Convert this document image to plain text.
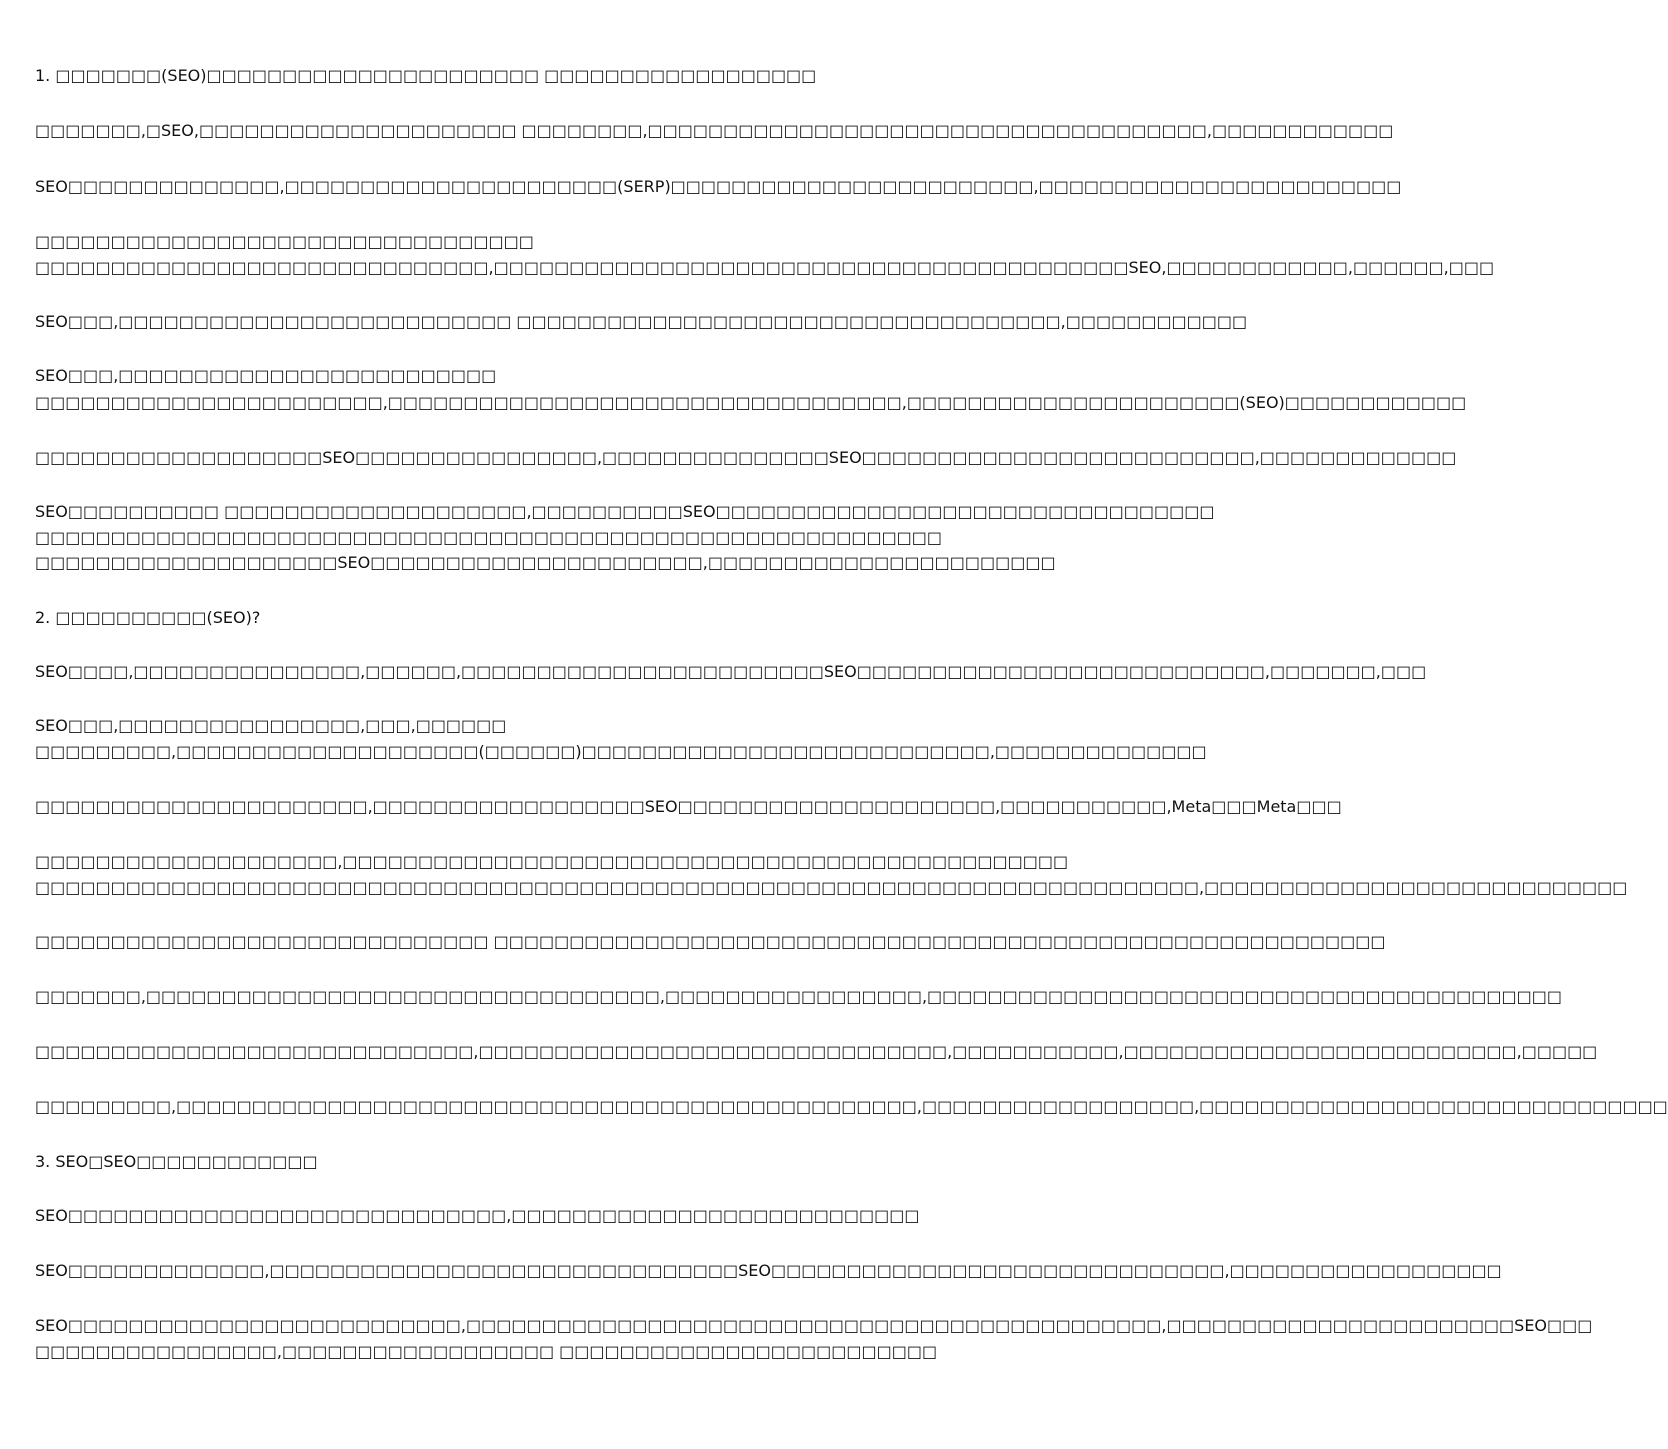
1. □□□□□□□(SEO)□□□□□□□□□□□□□□□□□□□□□□ □□□□□□□□□□□□□□□□□□
□□□□□□□,□SEO,□□□□□□□□□□□□□□□□□□□□□ □□□□□□□□,□□□□□□□□□□□□□□□□□□□□□□□□□□□□□□□□□□□□□,□□□□□□□□□□□□
SEO□□□□□□□□□□□□□□,□□□□□□□□□□□□□□□□□□□□□□(SERP)□□□□□□□□□□□□□□□□□□□□□□□□,□□□□□□□□□□□□□□□□□□□□□□□□
□□□□□□□□□□□□□□□□□□□□□□□□□□□□□□□□□
□□□□□□□□□□□□□□□□□□□□□□□□□□□□□□,□□□□□□□□□□□□□□□□□□□□□□□□□□□□□□□□□□□□□□□□□□SEO,□□□□□□□□□□□□,□□□□□□,□□□
SEO□□□,□□□□□□□□□□□□□□□□□□□□□□□□□□ □□□□□□□□□□□□□□□□□□□□□□□□□□□□□□□□□□□□,□□□□□□□□□□□□
SEO□□□,□□□□□□□□□□□□□□□□□□□□□□□□□
□□□□□□□□□□□□□□□□□□□□□□□,□□□□□□□□□□□□□□□□□□□□□□□□□□□□□□□□□□,□□□□□□□□□□□□□□□□□□□□□□(SEO)□□□□□□□□□□□□
□□□□□□□□□□□□□□□□□□□SEO□□□□□□□□□□□□□□□□,□□□□□□□□□□□□□□□SEO□□□□□□□□□□□□□□□□□□□□□□□□□□,□□□□□□□□□□□□□
SEO□□□□□□□□□□ □□□□□□□□□□□□□□□□□□□□,□□□□□□□□□□SEO□□□□□□□□□□□□□□□□□□□□□□□□□□□□□□□□□
□□□□□□□□□□□□□□□□□□□□□□□□□□□□□□□□□□□□□□□□□□□□□□□□□□□□□□□□□□□□
□□□□□□□□□□□□□□□□□□□□SEO□□□□□□□□□□□□□□□□□□□□□□,□□□□□□□□□□□□□□□□□□□□□□□
2. □□□□□□□□□□(SEO)?
SEO□□□□,□□□□□□□□□□□□□□□,□□□□□□,□□□□□□□□□□□□□□□□□□□□□□□□SEO□□□□□□□□□□□□□□□□□□□□□□□□□□□,□□□□□□□,□□□
SEO□□□,□□□□□□□□□□□□□□□□,□□□,□□□□□□
□□□□□□□□□,□□□□□□□□□□□□□□□□□□□□(□□□□□□)□□□□□□□□□□□□□□□□□□□□□□□□□□□,□□□□□□□□□□□□□□
□□□□□□□□□□□□□□□□□□□□□□,□□□□□□□□□□□□□□□□□□SEO□□□□□□□□□□□□□□□□□□□□□,□□□□□□□□□□□,Meta□□□Meta□□□
□□□□□□□□□□□□□□□□□□□□,□□□□□□□□□□□□□□□□□□□□□□□□□□□□□□□□□□□□□□□□□□□□□□□□
□□□□□□□□□□□□□□□□□□□□□□□□□□□□□□□□□□□□□□□□□□□□□□□□□□□□□□□□□□□□□□□□□□□□□□□□□□□□□,□□□□□□□□□□□□□□□□□□□□□□□□□□□□
□□□□□□□□□□□□□□□□□□□□□□□□□□□□□□ □□□□□□□□□□□□□□□□□□□□□□□□□□□□□□□□□□□□□□□□□□□□□□□□□□□□□□□□□□□
□□□□□□□,□□□□□□□□□□□□□□□□□□□□□□□□□□□□□□□□□□,□□□□□□□□□□□□□□□□□,□□□□□□□□□□□□□□□□□□□□□□□□□□□□□□□□□□□□□□□□□□
□□□□□□□□□□□□□□□□□□□□□□□□□□□□□,□□□□□□□□□□□□□□□□□□□□□□□□□□□□□□□,□□□□□□□□□□□,□□□□□□□□□□□□□□□□□□□□□□□□□□,□□□□□
□□□□□□□□□,□□□□□□□□□□□□□□□□□□□□□□□□□□□□□□□□□□□□□□□□□□□□□□□□□,□□□□□□□□□□□□□□□□□□,□□□□□□□□□□□□□□□□□□□□□□□□□□□□□□□
3. SEO□SEO□□□□□□□□□□□□
SEO□□□□□□□□□□□□□□□□□□□□□□□□□□□□□,□□□□□□□□□□□□□□□□□□□□□□□□□□□
SEO□□□□□□□□□□□□□,□□□□□□□□□□□□□□□□□□□□□□□□□□□□□□□SEO□□□□□□□□□□□□□□□□□□□□□□□□□□□□□□,□□□□□□□□□□□□□□□□□□
SEO□□□□□□□□□□□□□□□□□□□□□□□□□□,□□□□□□□□□□□□□□□□□□□□□□□□□□□□□□□□□□□□□□□□□□□□□□,□□□□□□□□□□□□□□□□□□□□□□□SEO□□□
□□□□□□□□□□□□□□□□,□□□□□□□□□□□□□□□□□□ □□□□□□□□□□□□□□□□□□□□□□□□□
